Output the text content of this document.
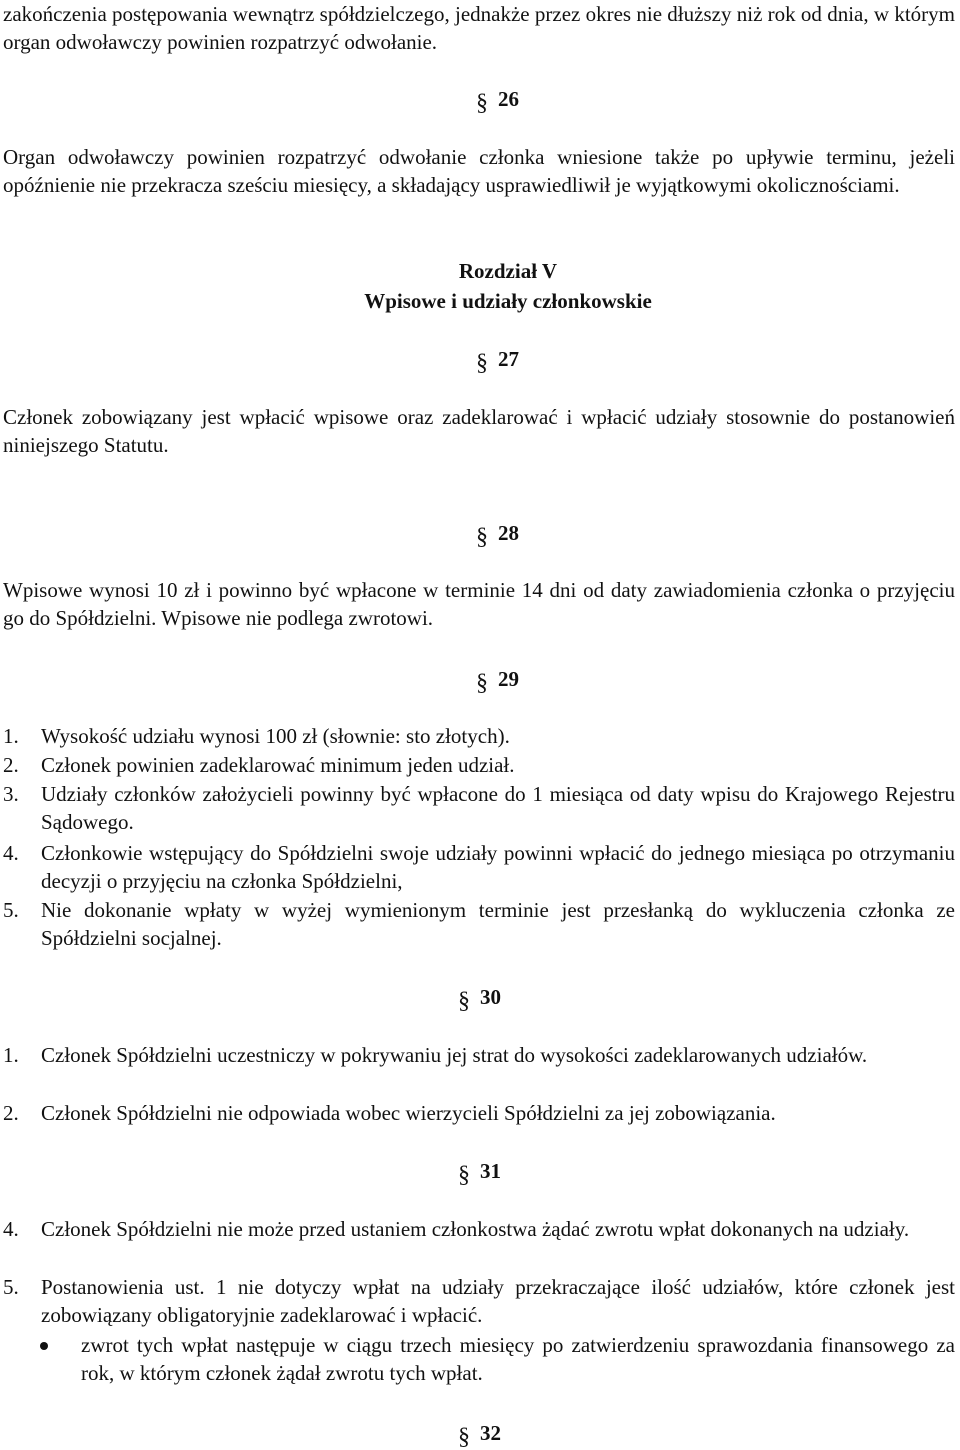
zakończenia postępowania wewnątrz spółdzielczego, jednakże przez okres nie dłuższy niż rok od dnia, w którym organ odwoławczy powinien rozpatrzyć odwołanie.

§ 26

Organ odwoławczy powinien rozpatrzyć odwołanie członka wniesione także po upływie terminu, jeżeli opóźnienie nie przekracza sześciu miesięcy, a składający usprawiedliwił je wyjątkowymi okolicznościami.

Rozdział V
Wpisowe i udziały członkowskie
§ 27

Członek zobowiązany jest wpłacić wpisowe oraz zadeklarować i wpłacić udziały stosownie do postanowień niniejszego Statutu.

§ 28

Wpisowe wynosi 10 zł i powinno być wpłacone w terminie 14 dni od daty zawiadomienia członka o przyjęciu go do Spółdzielni. Wpisowe nie podlega zwrotowi.

§ 29
1. Wysokość udziału wynosi 100 zł (słownie: sto złotych).
2. Członek powinien zadeklarować minimum jeden udział.
3. Udziały członków założycieli powinny być wpłacone do 1 miesiąca od daty wpisu do Krajowego Rejestru Sądowego.
4. Członkowie wstępujący do Spółdzielni swoje udziały powinni wpłacić do jednego miesiąca po otrzymaniu decyzji o przyjęciu na członka Spółdzielni,
5. Nie dokonanie wpłaty w wyżej wymienionym terminie jest przesłanką do wykluczenia członka ze Spółdzielni socjalnej.
§ 30
1. Członek Spółdzielni uczestniczy w pokrywaniu jej strat do wysokości zadeklarowanych udziałów.
2. Członek Spółdzielni nie odpowiada wobec wierzycieli Spółdzielni za jej zobowiązania.
§ 31
4. Członek Spółdzielni nie może przed ustaniem członkostwa żądać zwrotu wpłat dokonanych na udziały.
5. Postanowienia ust. 1 nie dotyczy wpłat na udziały przekraczające ilość udziałów, które członek jest zobowiązany obligatoryjnie zadeklarować i wpłacić.
zwrot tych wpłat następuje w ciągu trzech miesięcy po zatwierdzeniu sprawozdania finansowego za rok, w którym członek żądał zwrotu tych wpłat.
§ 32
